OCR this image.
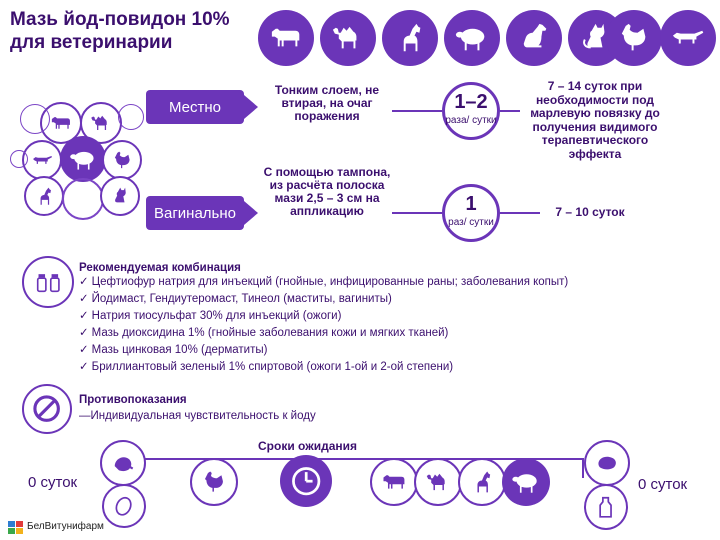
Мазь йод-повидон 10%
для ветеринарии
Местно
Тонким слоем, не втирая, на очаг поражения
1–2
раза/ сутки
7 – 14 суток при необходимости под марлевую повязку до получения видимого терапевтического эффекта
Вагинально
С помощью тампона, из расчёта полоска мази 2,5 – 3 см на аппликацию	1
раз/ сутки
7 – 10 суток
Рекомендуемая комбинация
✓ Цефтиофур натрия для инъекций (гнойные, инфицированные раны; заболевания копыт)
✓ Йодимаст, Гендиутеромаст, Тинеол (маститы, вагиниты)
✓ Натрия тиосульфат 30% для инъекций (ожоги)
✓ Мазь диоксидина 1% (гнойные заболевания кожи и мягких тканей)
✓ Мазь цинковая 10% (дерматиты)
✓ Бриллиантовый зеленый 1% спиртовой (ожоги 1-ой и 2-ой степени)
Противопоказания
—Индивидуальная чувствительность к йоду
Сроки ожидания
0 суток	0 суток
БелВитунифарм
